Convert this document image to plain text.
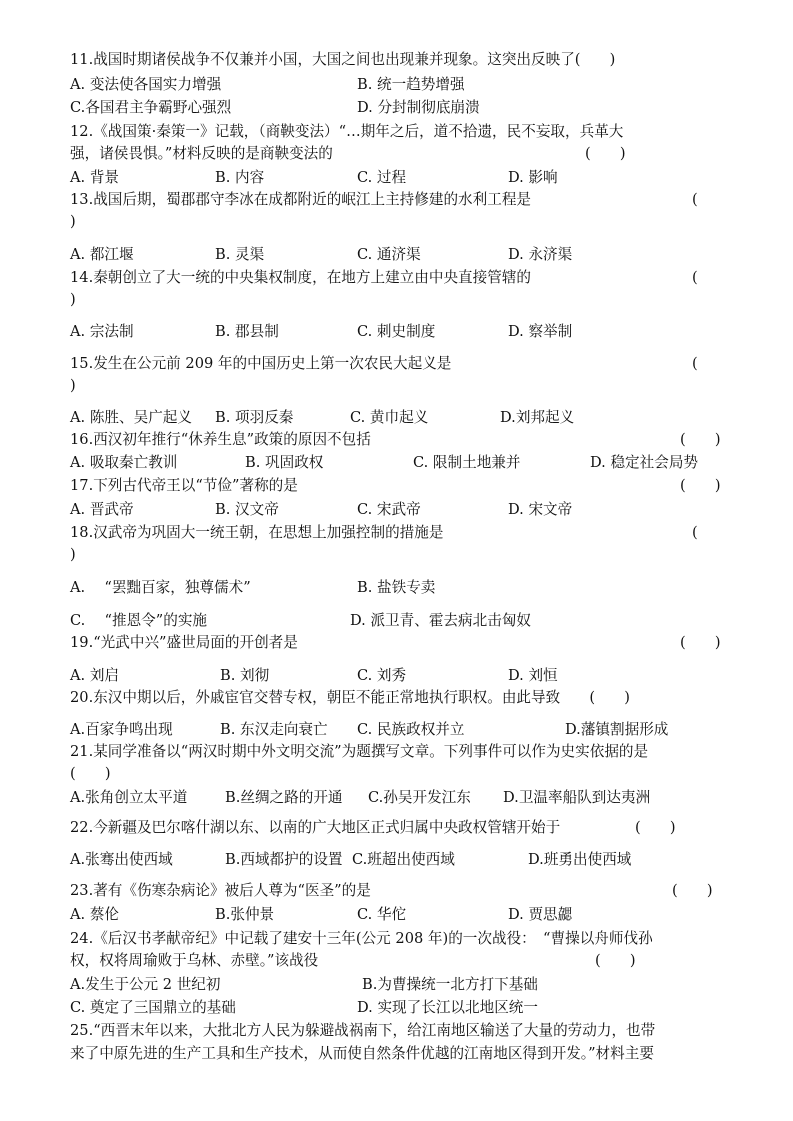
11.战国时期诸侯战争不仅兼并小国，大国之间也出现兼并现象。这突出反映了(　　)
A. 变法使各国实力增强	B. 统一趋势增强
C.各国君主争霸野心强烈	D. 分封制彻底崩溃
12.《战国策·秦策一》记载，（商鞅变法）“…期年之后，道不拾遗，民不妄取，兵革大
强，诸侯畏惧。”材料反映的是商鞅变法的	(　　)
A. 背景	B. 内容	C. 过程	D. 影响
13.战国后期，蜀郡郡守李冰在成都附近的岷江上主持修建的水利工程是	(
)
A. 都江堰	B. 灵渠	C. 通济渠	D. 永济渠
14.秦朝创立了大一统的中央集权制度，在地方上建立由中央直接管辖的	(
)
A. 宗法制	B. 郡县制	C. 刺史制度	D. 察举制
15.发生在公元前 209 年的中国历史上第一次农民大起义是	(
)
A. 陈胜、吴广起义 B. 项羽反秦	C. 黄巾起义	D.刘邦起义
16.西汉初年推行“休养生息”政策的原因不包括	(　　)
A. 吸取秦亡教训	B. 巩固政权	C. 限制土地兼并	D. 稳定社会局势
17.下列古代帝王以“节俭”著称的是	(　　)
A. 晋武帝	B. 汉文帝	C. 宋武帝	D. 宋文帝
18.汉武帝为巩固大一统王朝，在思想上加强控制的措施是	(
)
A. 　“罢黜百家，独尊儒术”	B. 盐铁专卖
C. 　“推恩令”的实施	D. 派卫青、霍去病北击匈奴
19.“光武中兴”盛世局面的开创者是	(　　)
A. 刘启	B. 刘彻	C. 刘秀	D. 刘恒
20.东汉中期以后，外戚宦官交替专权，朝臣不能正常地执行职权。由此导致　　(　　)
A.百家争鸣出现	B. 东汉走向衰亡 C. 民族政权并立	D.藩镇割据形成
21.某同学准备以“两汉时期中外文明交流”为题撰写文章。下列事件可以作为史实依据的是
(　　)
A.张角创立太平道	B.丝绸之路的开通 C.孙吴开发江东 D.卫温率船队到达夷洲
22.今新疆及巴尔喀什湖以东、以南的广大地区正式归属中央政权管辖开始于	(　　)
A.张骞出使西域	B.西域都护的设置 C.班超出使西域	D.班勇出使西域
23.著有《伤寒杂病论》被后人尊为“医圣”的是	(　　)
A. 蔡伦	B.张仲景	C. 华佗	D. 贾思勰
24.《后汉书孝献帝纪》中记载了建安十三年(公元 208 年)的一次战役：　“曹操以舟师伐孙
权，权将周瑜败于乌林、赤壁。”该战役	(　　)
A.发生于公元 2 世纪初	B.为曹操统一北方打下基础
C. 奠定了三国鼎立的基础	D. 实现了长江以北地区统一
25.“西晋末年以来，大批北方人民为躲避战祸南下，给江南地区输送了大量的劳动力，也带
来了中原先进的生产工具和生产技术，从而使自然条件优越的江南地区得到开发。”材料主要
